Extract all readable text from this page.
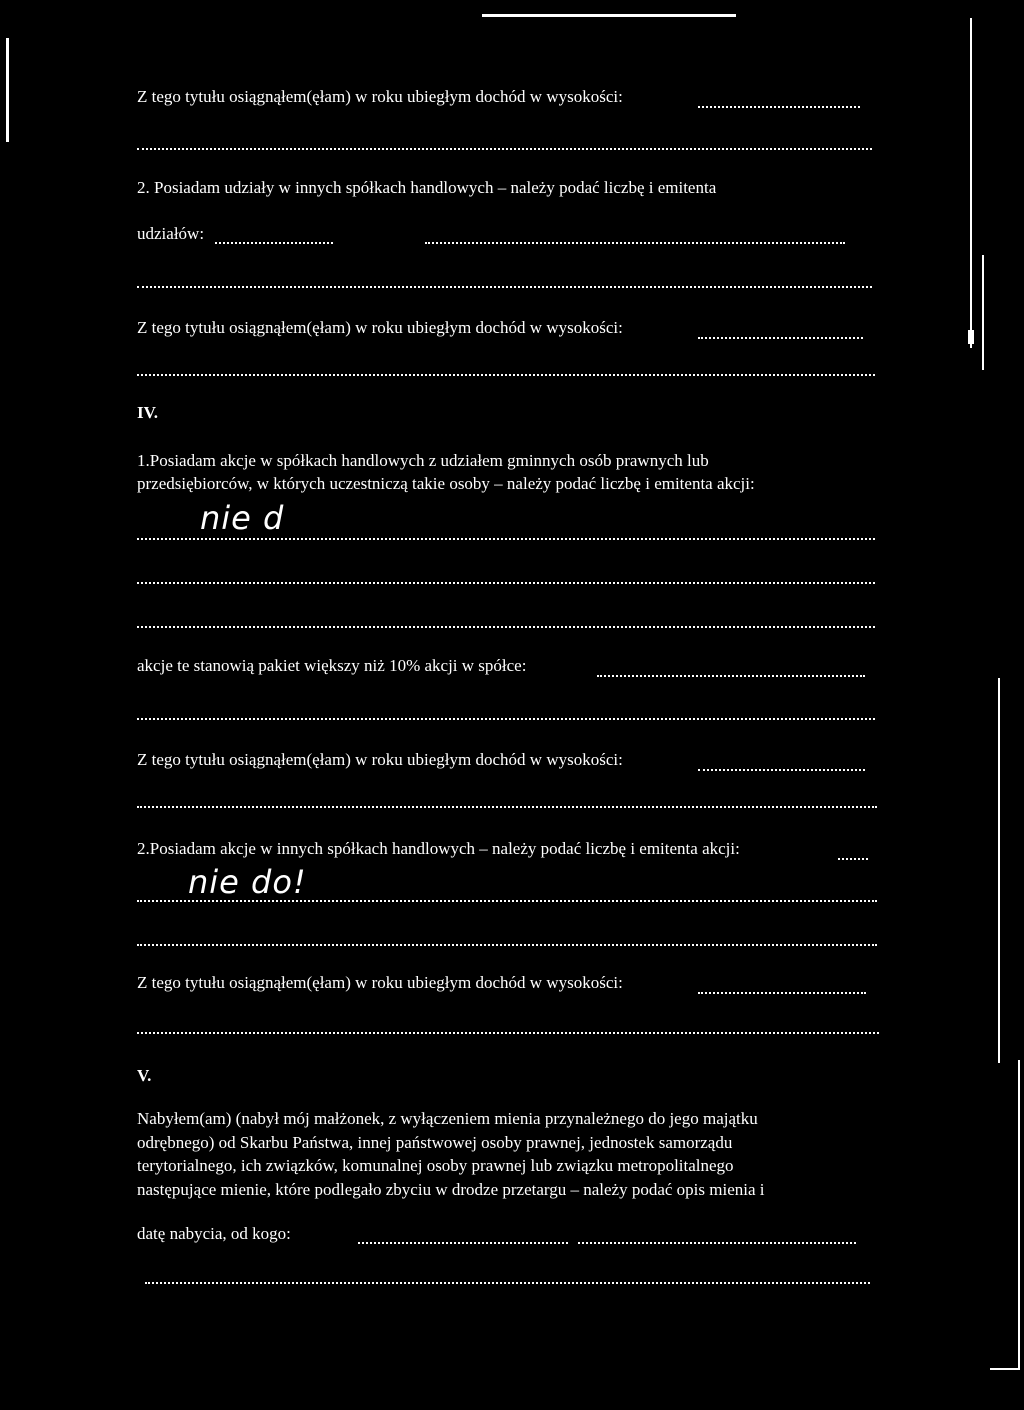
Z tego tytułu osiągnąłem(ęłam) w roku ubiegłym dochód w wysokości:
2. Posiadam udziały w innych spółkach handlowych – należy podać liczbę i emitenta
udziałów:
Z tego tytułu osiągnąłem(ęłam) w roku ubiegłym dochód w wysokości:
IV.
1.Posiadam akcje w spółkach handlowych z udziałem gminnych osób prawnych lub
przedsiębiorców, w których uczestniczą takie osoby – należy podać liczbę i emitenta akcji:
nie d
akcje te stanowią pakiet większy niż 10% akcji w spółce:
Z tego tytułu osiągnąłem(ęłam) w roku ubiegłym dochód w wysokości:
2.Posiadam akcje w innych spółkach handlowych – należy podać liczbę i emitenta akcji:
nie do!
Z tego tytułu osiągnąłem(ęłam) w roku ubiegłym dochód w wysokości:
V.
Nabyłem(am) (nabył mój małżonek, z wyłączeniem mienia przynależnego do jego majątku
odrębnego) od Skarbu Państwa, innej państwowej osoby prawnej, jednostek samorządu
terytorialnego, ich związków, komunalnej osoby prawnej lub związku metropolitalnego
następujące mienie, które podlegało zbyciu w drodze przetargu – należy podać opis mienia i
datę nabycia, od kogo:
